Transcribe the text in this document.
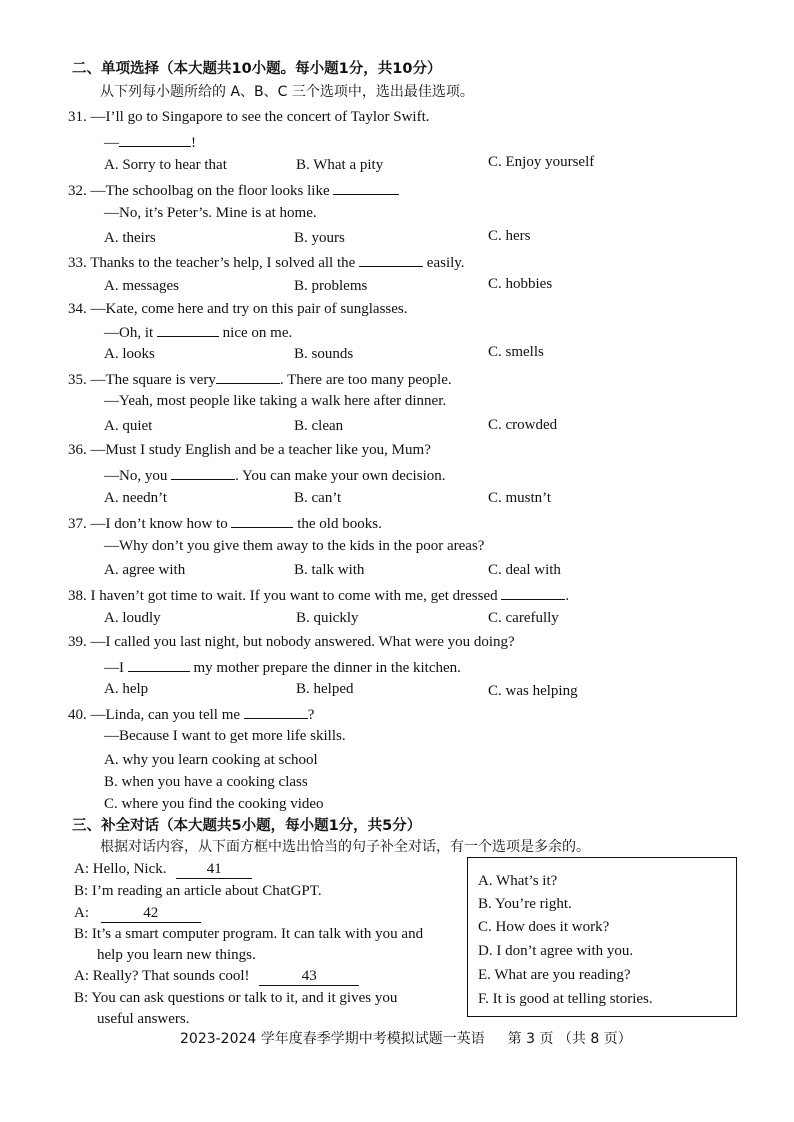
二、单项选择（本大题共10小题。每小题1分，共10分）
从下列每小题所给的 A、B、C 三个选项中，选出最佳选项。
31. —I’ll go to Singapore to see the concert of Taylor Swift.
—	!
A. Sorry to hear that	B. What a pity	C. Enjoy yourself
32. —The schoolbag on the floor looks like
—No, it’s Peter’s. Mine is at home.
A. theirs	B. yours	C. hers
33. Thanks to the teacher’s help, I solved all the	easily.
A. messages	B. problems	C. hobbies
34. —Kate, come here and try on this pair of sunglasses.
—Oh, it	nice on me.
A. looks	B. sounds	C. smells
35. —The square is very	. There are too many people.
—Yeah, most people like taking a walk here after dinner.
A. quiet	B. clean	C. crowded
36. —Must I study English and be a teacher like you, Mum?
—No, you	. You can make your own decision.
A. needn’t	B. can’t	C. mustn’t
37. —I don’t know how to	the old books.
—Why don’t you give them away to the kids in the poor areas?
A. agree with	B. talk with	C. deal with
38. I haven’t got time to wait. If you want to come with me, get dressed	.
A. loudly	B. quickly	C. carefully
39. —I called you last night, but nobody answered. What were you doing?
—I	my mother prepare the dinner in the kitchen.
A. help	B. helped	C. was helping
40. —Linda, can you tell me	?
—Because I want to get more life skills.
A. why you learn cooking at school
B. when you have a cooking class
C. where you find the cooking video
三、补全对话（本大题共5小题，每小题1分，共5分）
根据对话内容，从下面方框中选出恰当的句子补全对话，有一个选项是多余的。
A: Hello, Nick.	41
B: I’m reading an article about ChatGPT.
A:	42
B: It’s a smart computer program. It can talk with you and
help you learn new things.
A: Really? That sounds cool!	43
B: You can ask questions or talk to it, and it gives you
useful answers.
A. What’s it?
B. You’re right.
C. How does it work?
D. I don’t agree with you.
E. What are you reading?
F. It is good at telling stories.
2023-2024 学年度春季学期中考模拟试题一英语 第 3 页 （共 8 页）
